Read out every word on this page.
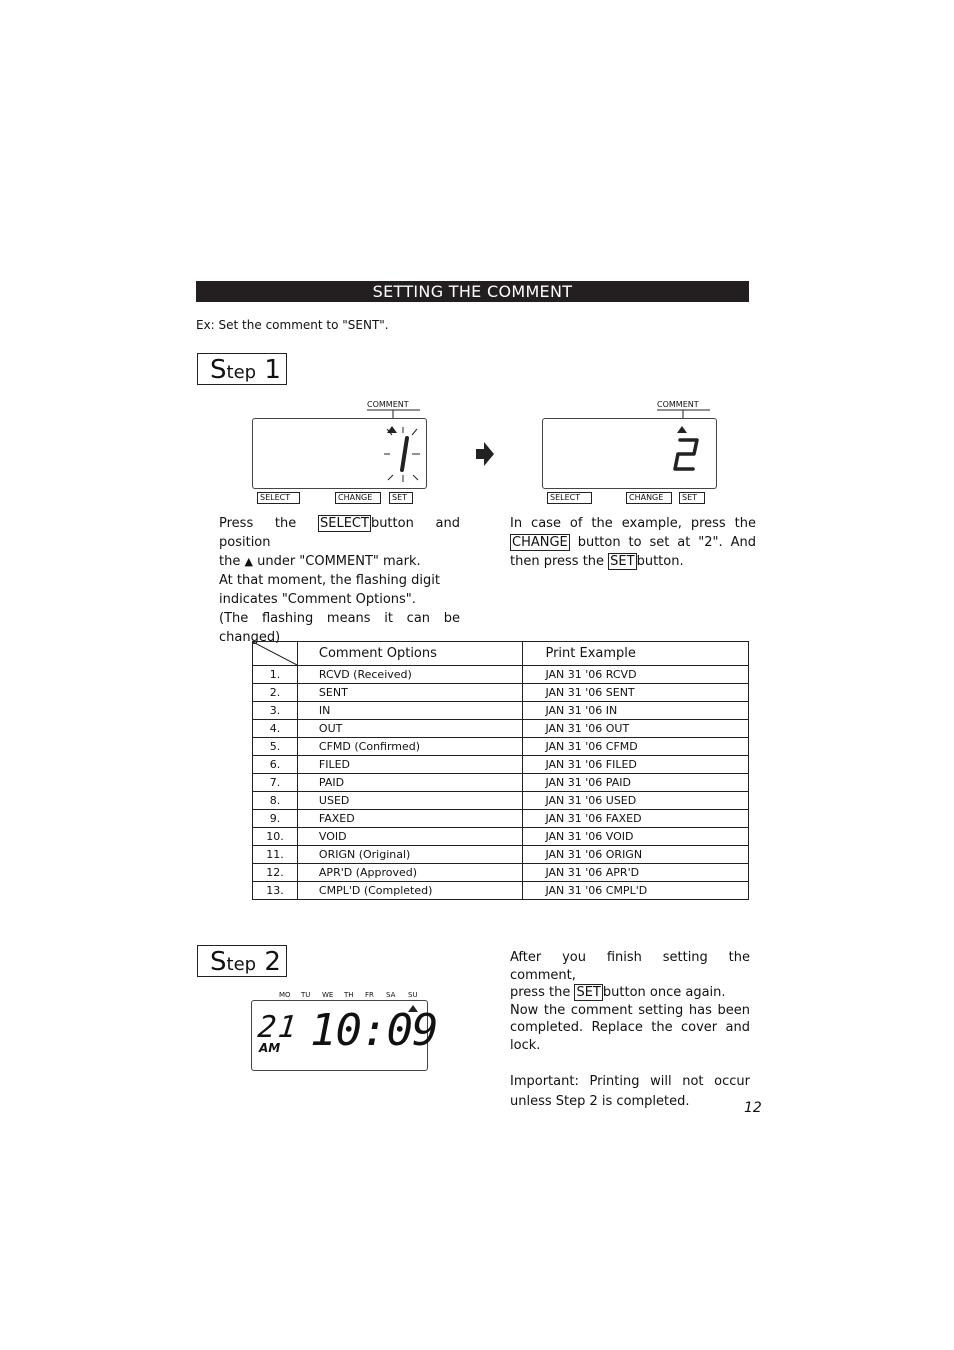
SETTING THE COMMENT
Ex: Set the comment to "SENT".
Step 1
COMMENT
SELECT	CHANGE	SET
COMMENT
SELECT	CHANGE	SET
Press the SELECT button and position
the ▲ under "COMMENT" mark.
At that moment, the flashing digit
indicates "Comment Options".
(The flashing means it can be
changed)
In case of the example, press the
CHANGE button to set at "2". And
then press the SET button.
	Comment Options	Print Example
1.	RCVD (Received)	JAN 31 '06 RCVD
2.	SENT	JAN 31 '06 SENT
3.	IN	JAN 31 '06 IN
4.	OUT	JAN 31 '06 OUT
5.	CFMD (Confirmed)	JAN 31 '06 CFMD
6.	FILED	JAN 31 '06 FILED
7.	PAID	JAN 31 '06 PAID
8.	USED	JAN 31 '06 USED
9.	FAXED	JAN 31 '06 FAXED
10.	VOID	JAN 31 '06 VOID
11.	ORIGN (Original)	JAN 31 '06 ORIGN
12.	APR'D (Approved)	JAN 31 '06 APR'D
13.	CMPL'D (Completed)	JAN 31 '06 CMPL'D
Step 2
MO TU WE TH FR SA SU
21
AM 10:09
After you finish setting the comment,
press the SET button once again.
Now the comment setting has been
completed. Replace the cover and lock.
Important: Printing will not occur
unless Step 2 is completed.	12
